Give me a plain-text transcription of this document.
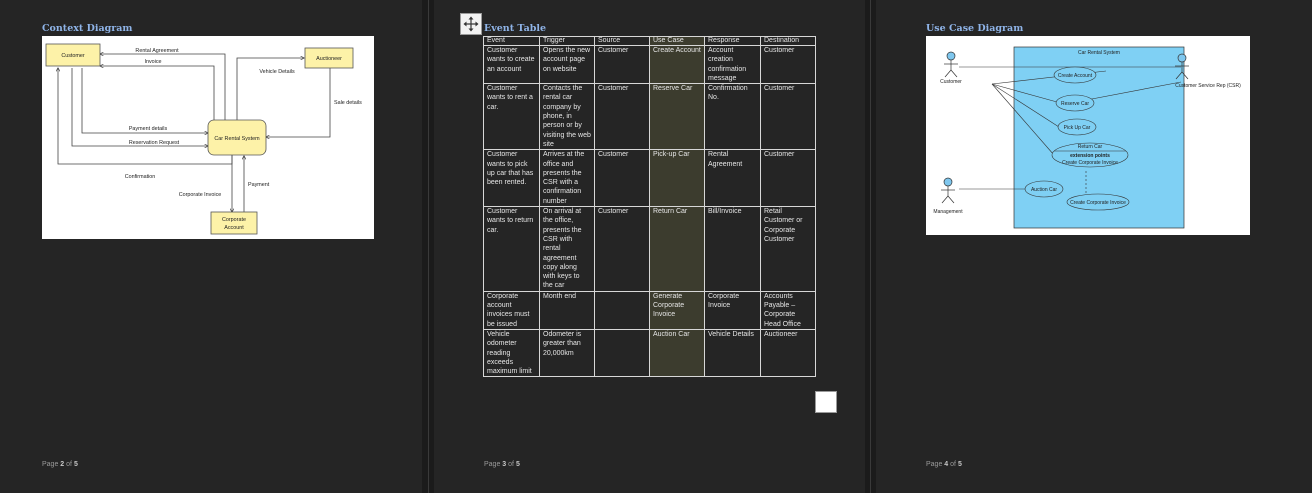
Context Diagram
Customer	Auctioneer
Car Rental System
Corporate
Account
Rental Agreement
Invoice
Vehicle Details
Sale details
Payment details
Reservation Request
Confirmation
Corporate Invoice
Payment
Page 2 of 5
Event Table
Event	Trigger	Source	Use Case	Response	Destination
Customer wants to create an account	Opens the new account page on website	Customer	Create Account	Account creation confirmation message	Customer
Customer wants to rent a car.	Contacts the rental car company by phone, in person or by visiting the web site	Customer	Reserve Car	Confirmation No.	Customer
Customer wants to pick up car that has been rented.	Arrives at the office and presents the CSR with a confirmation number	Customer	Pick-up Car	Rental Agreement	Customer
Customer wants to return car.	On arrival at the office, presents the CSR with rental agreement copy along with keys to the car	Customer	Return Car	Bill/Invoice	Retail Customer or Corporate Customer
Corporate account invoices must be issued	Month end		Generate Corporate Invoice	Corporate Invoice	Accounts Payable – Corporate Head Office
Vehicle odometer reading exceeds maximum limit	Odometer is greater than 20,000km		Auction Car	Vehicle Details	Auctioneer
Page 3 of 5
Use Case Diagram
Car Rental System
Customer
Customer Service Rep (CSR)
Management
Create Account
Reserve Car
Pick Up Car
Return Car
extension points
Create Corporate Invoice
Auction Car
Create Corporate Invoice
Page 4 of 5
